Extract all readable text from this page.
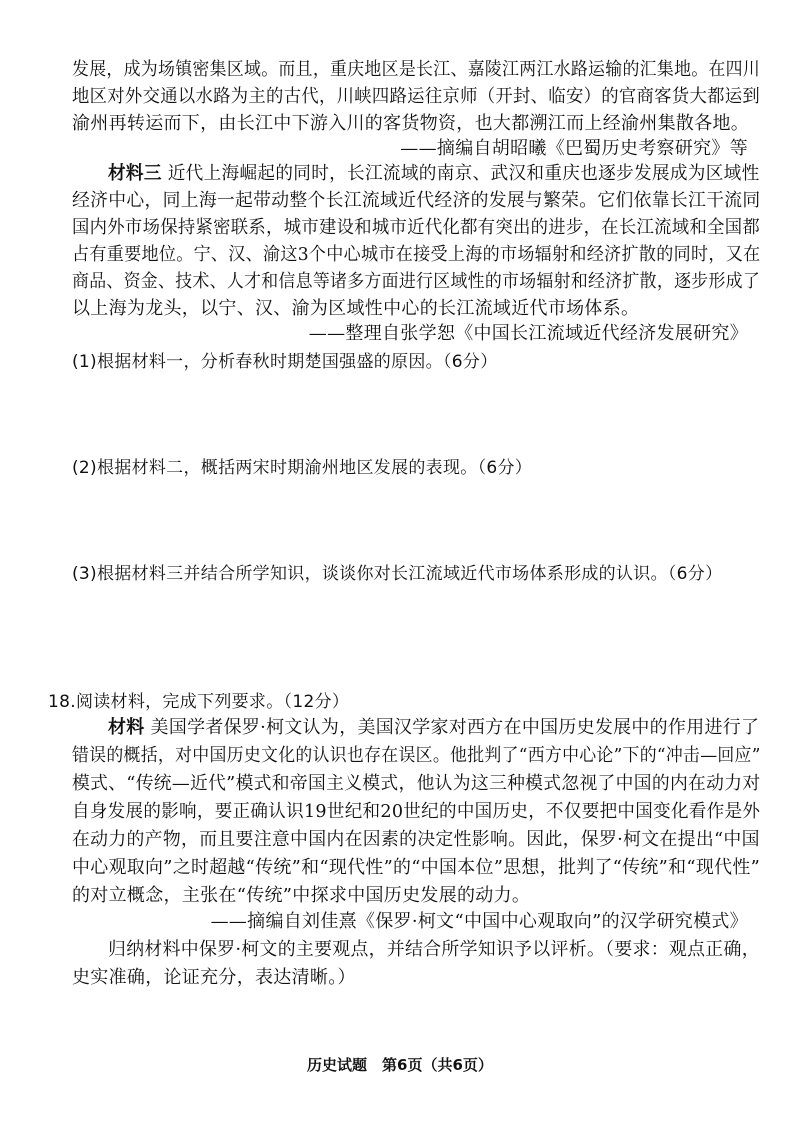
发展，成为场镇密集区域。而且，重庆地区是长江、嘉陵江两江水路运输的汇集地。在四川
地区对外交通以水路为主的古代，川峡四路运往京师（开封、临安）的官商客货大都运到
渝州再转运而下，由长江中下游入川的客货物资，也大都溯江而上经渝州集散各地。
——摘编自胡昭曦《巴蜀历史考察研究》等
材料三 近代上海崛起的同时，长江流域的南京、武汉和重庆也逐步发展成为区域性
经济中心，同上海一起带动整个长江流域近代经济的发展与繁荣。它们依靠长江干流同
国内外市场保持紧密联系，城市建设和城市近代化都有突出的进步，在长江流域和全国都
占有重要地位。宁、汉、渝这3个中心城市在接受上海的市场辐射和经济扩散的同时，又在
商品、资金、技术、人才和信息等诸多方面进行区域性的市场辐射和经济扩散，逐步形成了
以上海为龙头，以宁、汉、渝为区域性中心的长江流域近代市场体系。
——整理自张学恕《中国长江流域近代经济发展研究》
(1)根据材料一，分析春秋时期楚国强盛的原因。（6分）
(2)根据材料二，概括两宋时期渝州地区发展的表现。（6分）
(3)根据材料三并结合所学知识，谈谈你对长江流域近代市场体系形成的认识。（6分）
18.阅读材料，完成下列要求。（12分）
材料 美国学者保罗·柯文认为，美国汉学家对西方在中国历史发展中的作用进行了
错误的概括，对中国历史文化的认识也存在误区。他批判了“西方中心论”下的“冲击—回应”
模式、“传统—近代”模式和帝国主义模式，他认为这三种模式忽视了中国的内在动力对
自身发展的影响，要正确认识19世纪和20世纪的中国历史，不仅要把中国变化看作是外
在动力的产物，而且要注意中国内在因素的决定性影响。因此，保罗·柯文在提出“中国
中心观取向”之时超越“传统”和“现代性”的“中国本位”思想，批判了“传统”和“现代性”
的对立概念，主张在“传统”中探求中国历史发展的动力。
——摘编自刘佳熹《保罗·柯文“中国中心观取向”的汉学研究模式》
归纳材料中保罗·柯文的主要观点，并结合所学知识予以评析。（要求：观点正确，
史实准确，论证充分，表达清晰。）
历史试题　第6页（共6页）
